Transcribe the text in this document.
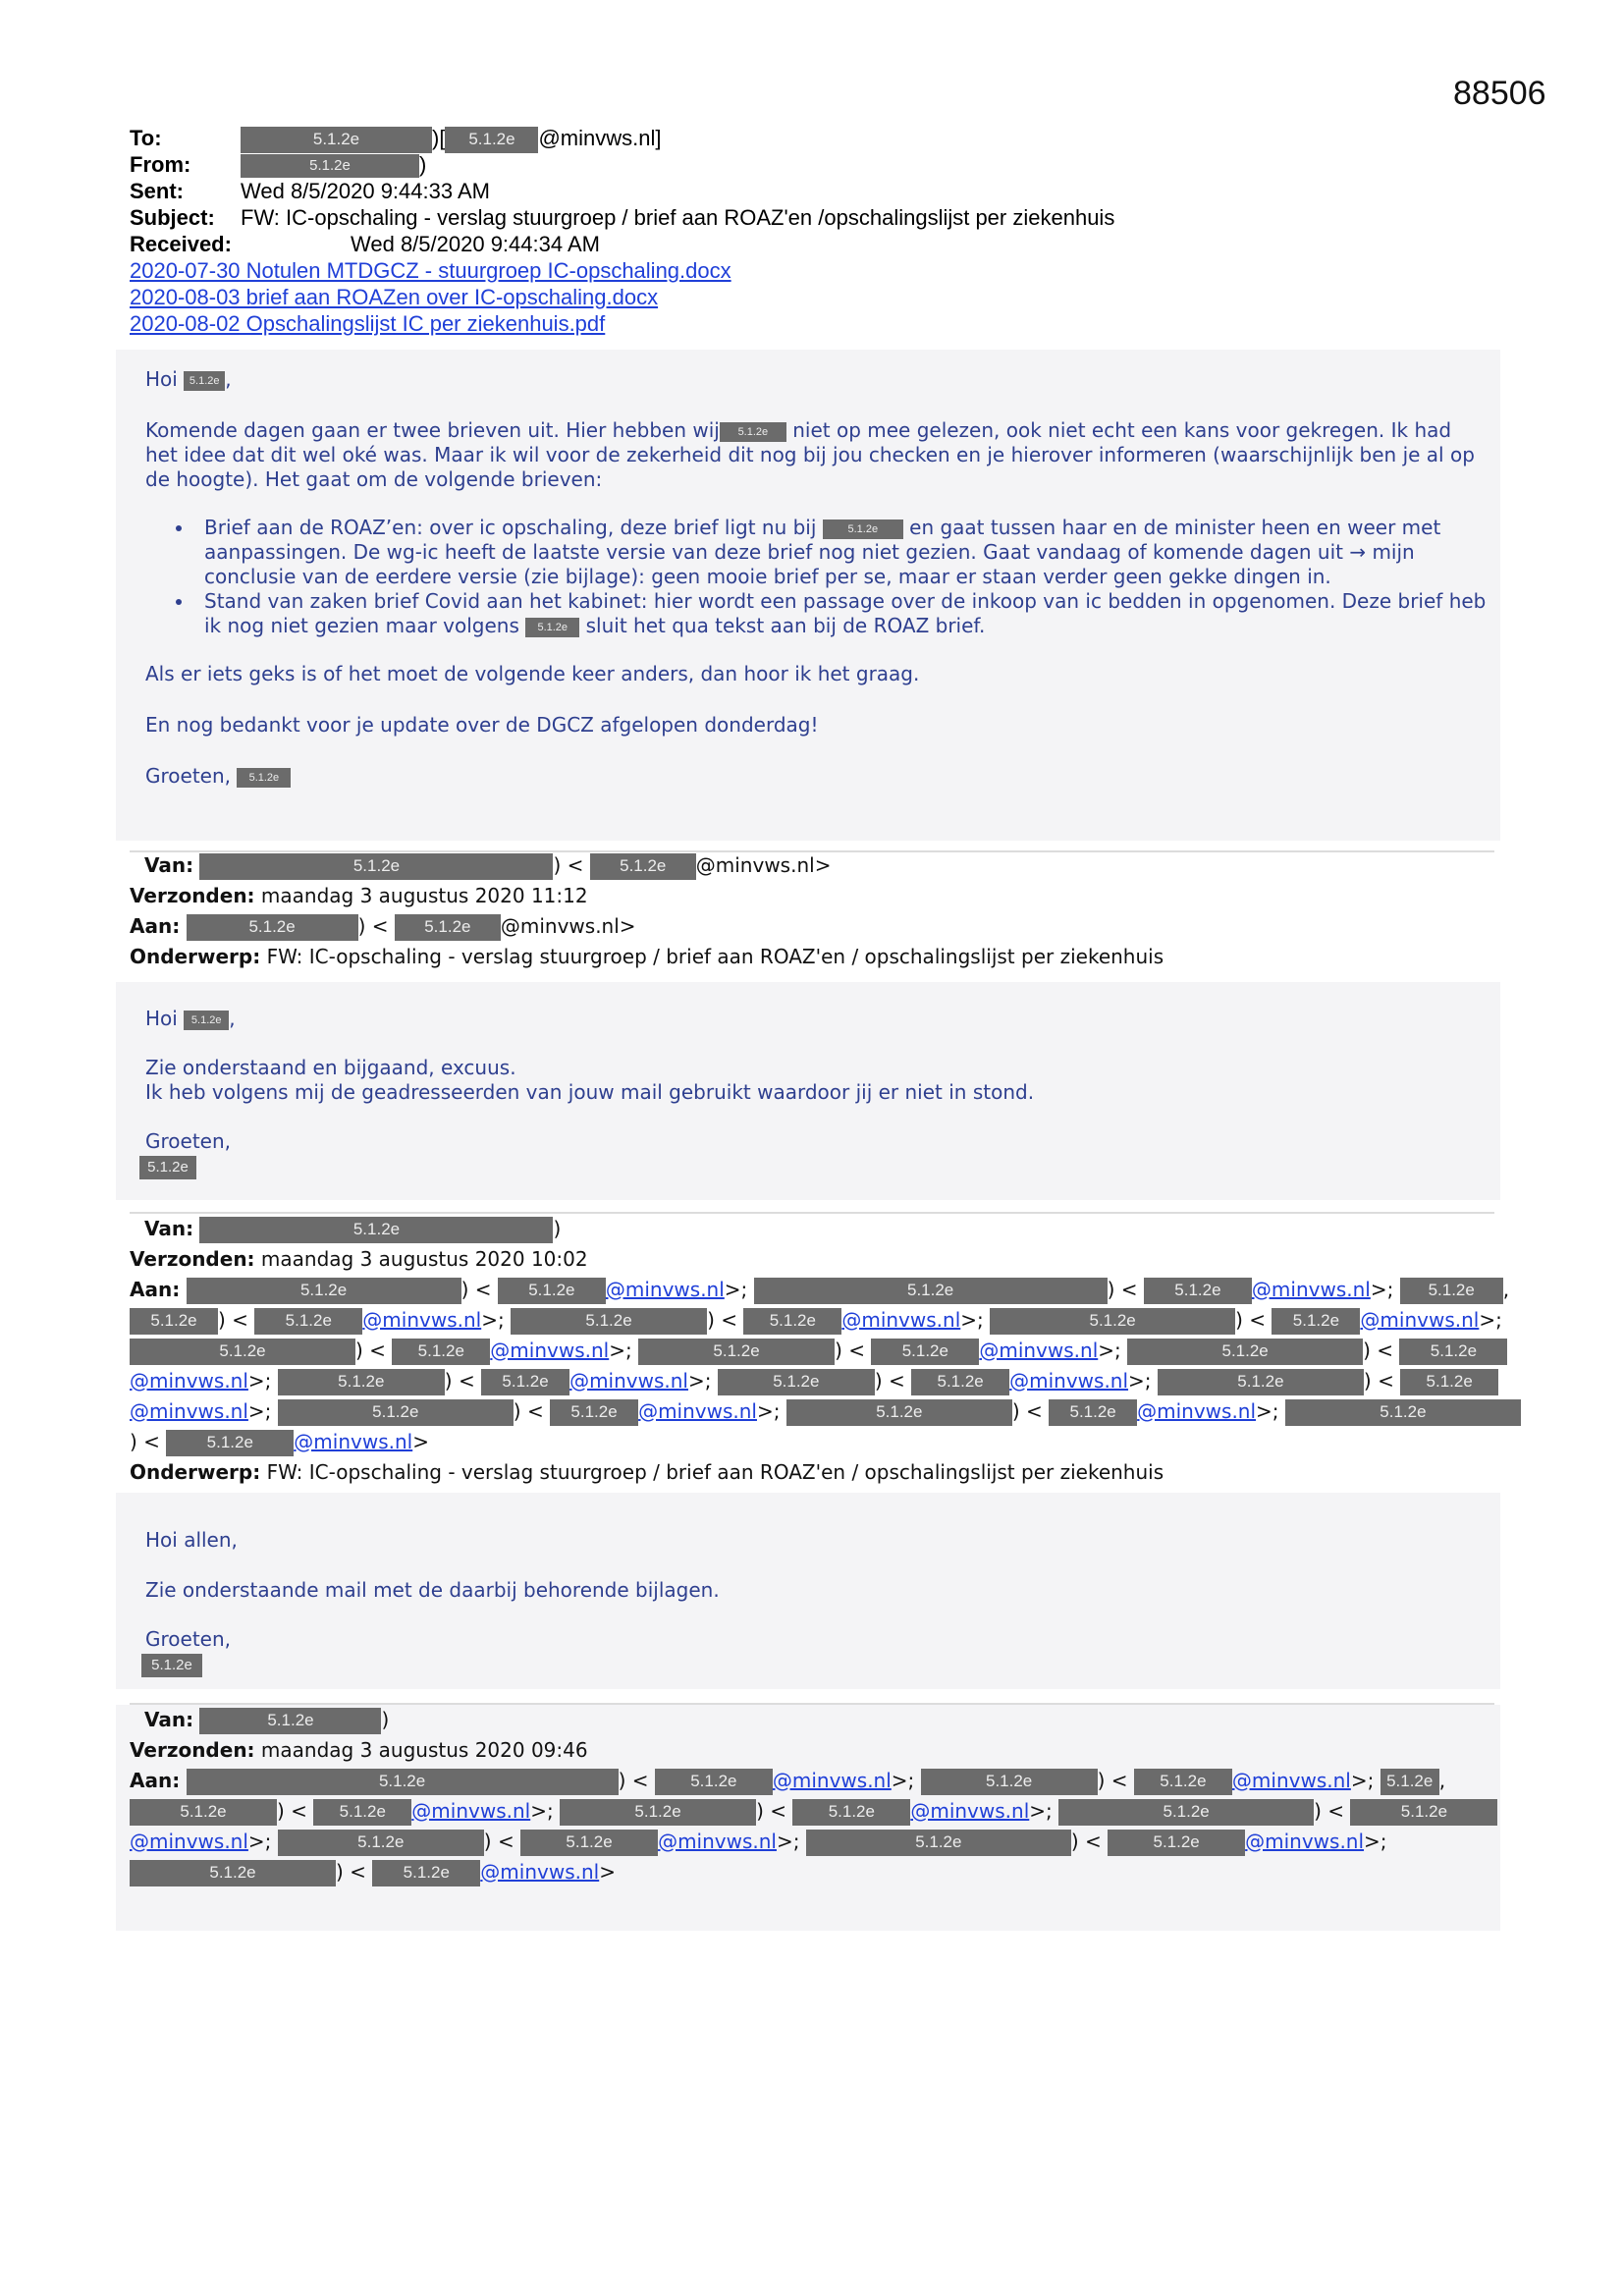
88506
To:	5.1.2e	)[ 5.1.2e @minvws.nl]
From:	5.1.2e	)
Sent:	Wed 8/5/2020 9:44:33 AM
Subject: FW: IC-opschaling - verslag stuurgroep / brief aan ROAZ'en /opschalingslijst per ziekenhuis
Received:	Wed 8/5/2020 9:44:34 AM
2020-07-30 Notulen MTDGCZ - stuurgroep IC-opschaling.docx
2020-08-03 brief aan ROAZen over IC-opschaling.docx
2020-08-02 Opschalingslijst IC per ziekenhuis.pdf

Hoi 5.1.2e ,

Komende dagen gaan er twee brieven uit. Hier hebben wij 5.1.2e niet op mee gelezen, ook niet echt een kans voor gekregen. Ik had het idee dat dit wel oké was. Maar ik wil voor de zekerheid dit nog bij jou checken en je hierover informeren (waarschijnlijk ben je al op de hoogte). Het gaat om de volgende brieven:

• Brief aan de ROAZ’en: over ic opschaling, deze brief ligt nu bij	5.1.2e en gaat tussen haar en de minister heen en weer met aanpassingen. De wg-ic heeft de laatste versie van deze brief nog niet gezien. Gaat vandaag of komende dagen uit → mijn conclusie van de eerdere versie (zie bijlage): geen mooie brief per se, maar er staan verder geen gekke dingen in.
• Stand van zaken brief Covid aan het kabinet: hier wordt een passage over de inkoop van ic bedden in opgenomen. Deze brief heb ik nog niet gezien maar volgens 5.1.2e sluit het qua tekst aan bij de ROAZ brief.

Als er iets geks is of het moet de volgende keer anders, dan hoor ik het graag.

En nog bedankt voor je update over de DGCZ afgelopen donderdag!

Groeten, 5.1.2e

Van:	5.1.2e	) < 5.1.2e @minvws.nl>
Verzonden: maandag 3 augustus 2020 11:12
Aan:	5.1.2e	) < 5.1.2e @minvws.nl>
Onderwerp: FW: IC-opschaling - verslag stuurgroep / brief aan ROAZ'en / opschalingslijst per ziekenhuis

Hoi 5.1.2e ,

Zie onderstaand en bijgaand, excuus.

Ik heb volgens mij de geadresseerden van jouw mail gebruikt waardoor jij er niet in stond.

Groeten,

5.1.2e

Van:	5.1.2e	)
Verzonden: maandag 3 augustus 2020 10:02
Aan:	5.1.2e	) < 5.1.2e @minvws.nl>;	5.1.2e	) < 5.1.2e @minvws.nl>; 5.1.2e , 5.1.2e ) < 5.1.2e @minvws.nl>;	5.1.2e	) < 5.1.2e @minvws.nl>;	5.1.2e	) < 5.1.2e @minvws.nl>; 5.1.2e	) < 5.1.2e @minvws.nl>;	5.1.2e	) < 5.1.2e @minvws.nl>;	5.1.2e	) < 5.1.2e@minvws.nl>;	5.1.2e	) < 5.1.2e @minvws.nl>;	5.1.2e	) < 5.1.2e @minvws.nl>;	5.1.2e	) < 5.1.2e@minvws.nl>;	5.1.2e	) < 5.1.2e @minvws.nl>;	5.1.2e	) < 5.1.2e @minvws.nl>;	5.1.2e) < 5.1.2e @minvws.nl>
Onderwerp: FW: IC-opschaling - verslag stuurgroep / brief aan ROAZ'en / opschalingslijst per ziekenhuis

Hoi allen,

Zie onderstaande mail met de daarbij behorende bijlagen.

Groeten,

5.1.2e

Van:	5.1.2e	)
Verzonden: maandag 3 augustus 2020 09:46
Aan:	5.1.2e	) < 5.1.2e @minvws.nl>;	5.1.2e	) < 5.1.2e @minvws.nl>; 5.1.2e , 5.1.2e	) < 5.1.2e @minvws.nl>;	5.1.2e	) < 5.1.2e @minvws.nl>;	5.1.2e	) <	5.1.2e@minvws.nl>;	5.1.2e	) <	5.1.2e @minvws.nl>;	5.1.2e	) <	5.1.2e @minvws.nl>; 5.1.2e	) < 5.1.2e @minvws.nl>
